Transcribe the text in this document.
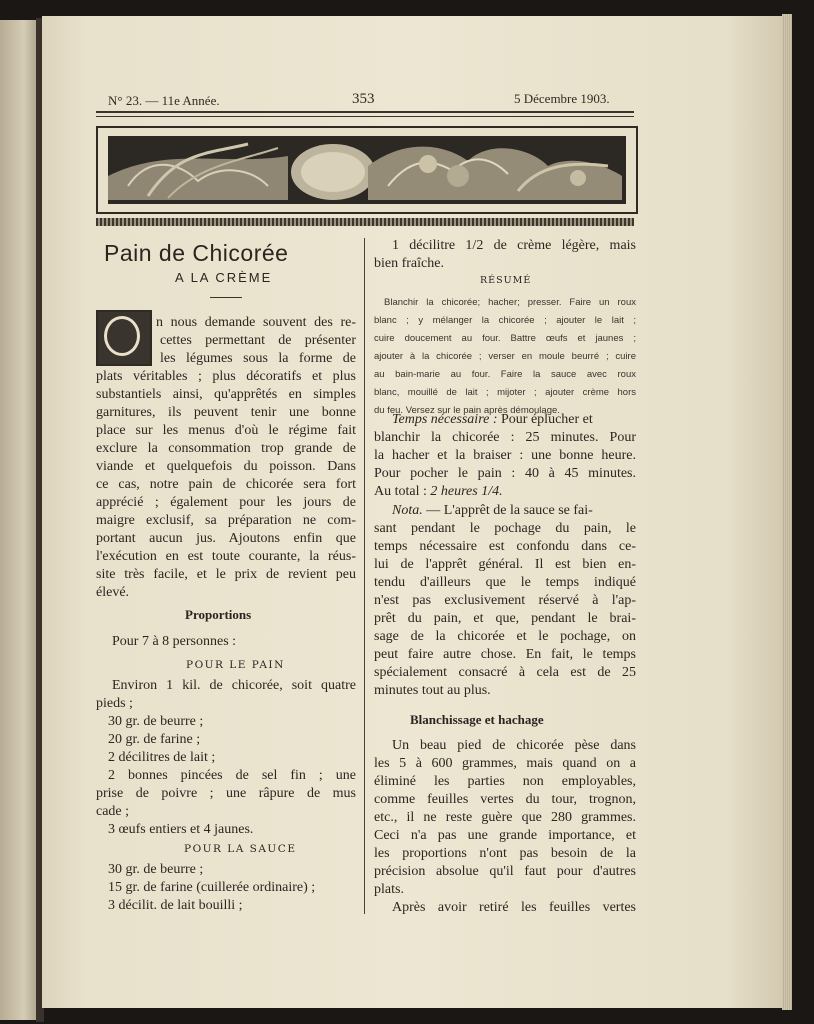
N° 23. — 11e Année.	353	5 Décembre 1903.
Pain de Chicorée
A LA CRÈME
n nous demande souvent des re-
cettes permettant de présenter
les légumes sous la forme de
plats véritables ; plus décoratifs et plus
substantiels ainsi, qu'apprêtés en simples
garnitures, ils peuvent tenir une bonne
place sur les menus d'où le régime fait
exclure la consommation trop grande de
viande et quelquefois du poisson. Dans
ce cas, notre pain de chicorée sera fort
apprécié ; également pour les jours de
maigre exclusif, sa préparation ne com-
portant aucun jus. Ajoutons enfin que
l'exécution en est toute courante, la réus-
site très facile, et le prix de revient peu
élevé.
Proportions
Pour 7 à 8 personnes :
POUR LE PAIN
Environ 1 kil. de chicorée, soit quatre
pieds ;
30 gr. de beurre ;
20 gr. de farine ;
2 décilitres de lait ;
2 bonnes pincées de sel fin ; une
prise de poivre ; une râpure de mus
cade ;
3 œufs entiers et 4 jaunes.
POUR LA SAUCE
30 gr. de beurre ;
15 gr. de farine (cuillerée ordinaire) ;
3 décilit. de lait bouilli ;
1 décilitre 1/2 de crème légère, mais
bien fraîche.
RÉSUMÉ
Blanchir la chicorée; hacher; presser. Faire un roux
blanc ; y mélanger la chicorée ; ajouter le lait ;
cuire doucement au four. Battre œufs et jaunes ;
ajouter à la chicorée ; verser en moule beurré ; cuire
au bain-marie au four. Faire la sauce avec roux
blanc, mouillé de lait ; mijoter ; ajouter crème hors
du feu. Versez sur le pain après démoulage.
Temps nécessaire : Pour éplucher et
blanchir la chicorée : 25 minutes. Pour
la hacher et la braiser : une bonne heure.
Pour pocher le pain : 40 à 45 minutes.
Au total : 2 heures 1/4.
Nota. — L'apprêt de la sauce se fai-
sant pendant le pochage du pain, le
temps nécessaire est confondu dans ce-
lui de l'apprêt général. Il est bien en-
tendu d'ailleurs que le temps indiqué
n'est pas exclusivement réservé à l'ap-
prêt du pain, et que, pendant le brai-
sage de la chicorée et le pochage, on
peut faire autre chose. En fait, le temps
spécialement consacré à cela est de 25
minutes tout au plus.
Blanchissage et hachage
Un beau pied de chicorée pèse dans
les 5 à 600 grammes, mais quand on a
éliminé les parties non employables,
comme feuilles vertes du tour, trognon,
etc., il ne reste guère que 280 grammes.
Ceci n'a pas une grande importance, et
les proportions n'ont pas besoin de la
précision absolue qu'il faut pour d'autres
plats.
Après avoir retiré les feuilles vertes
